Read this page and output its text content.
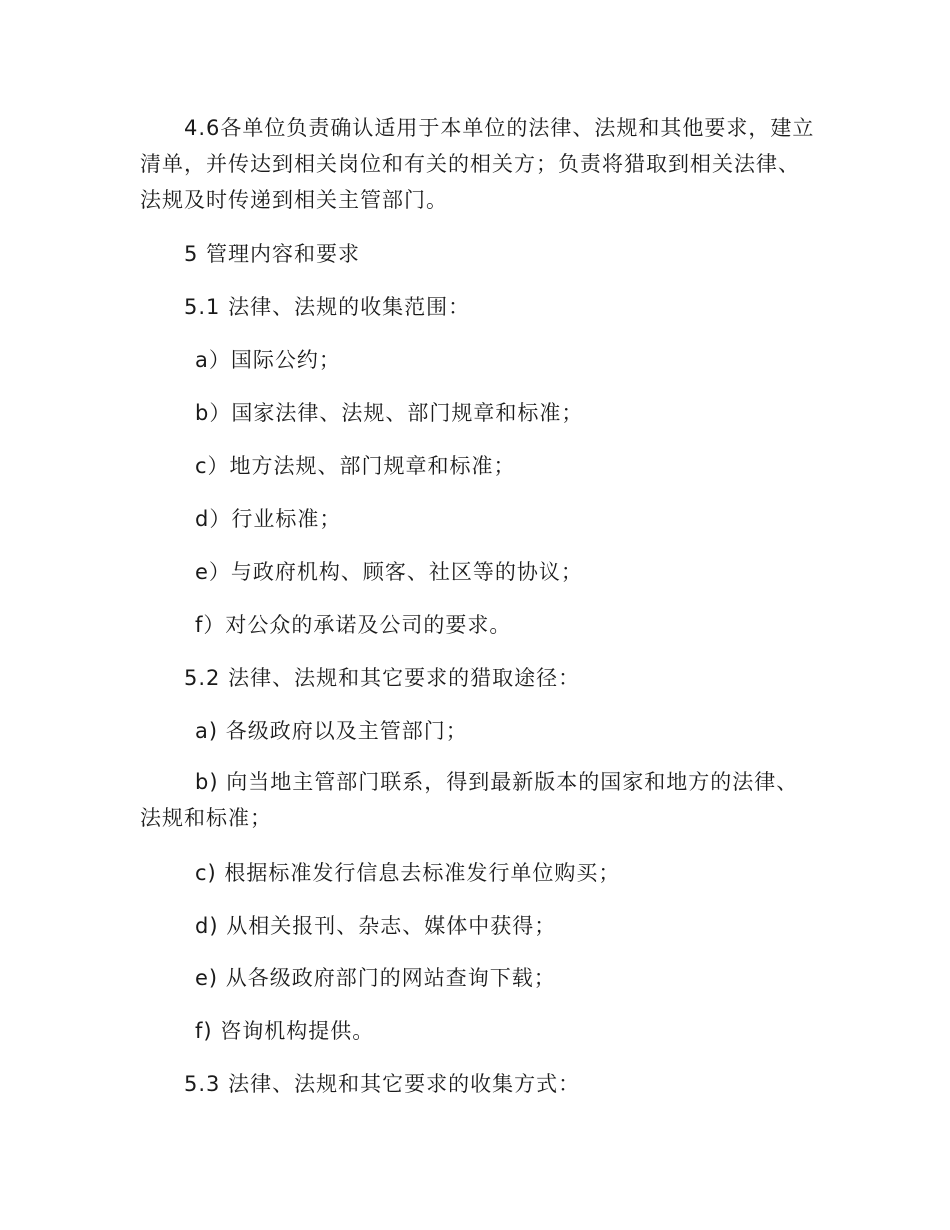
4.6各单位负责确认适用于本单位的法律、法规和其他要求，建立

清单，并传达到相关岗位和有关的相关方；负责将猎取到相关法律、

法规及时传递到相关主管部门。

5 管理内容和要求

5.1 法律、法规的收集范围：

a）国际公约；

b）国家法律、法规、部门规章和标准；

c）地方法规、部门规章和标准；

d）行业标准；

e）与政府机构、顾客、社区等的协议；

f）对公众的承诺及公司的要求。

5.2 法律、法规和其它要求的猎取途径：

a) 各级政府以及主管部门；

b) 向当地主管部门联系，得到最新版本的国家和地方的法律、

法规和标准；

c) 根据标准发行信息去标准发行单位购买；

d) 从相关报刊、杂志、媒体中获得；

e) 从各级政府部门的网站查询下载；

f) 咨询机构提供。

5.3 法律、法规和其它要求的收集方式：
